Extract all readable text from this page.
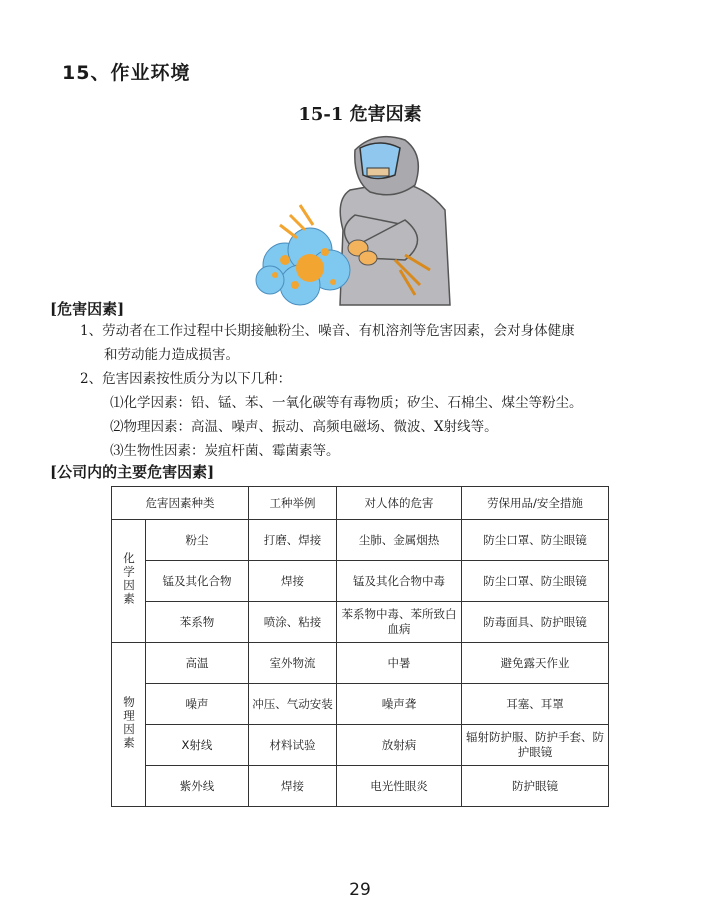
15、作业环境
15-1 危害因素
[危害因素]
1、劳动者在工作过程中长期接触粉尘、噪音、有机溶剂等危害因素，会对身体健康
和劳动能力造成损害。
2、危害因素按性质分为以下几种：
⑴化学因素：铅、锰、苯、一氧化碳等有毒物质；矽尘、石棉尘、煤尘等粉尘。
⑵物理因素：高温、噪声、振动、高频电磁场、微波、X射线等。
⑶生物性因素：炭疽杆菌、霉菌素等。
[公司内的主要危害因素]
危害因素种类		工种举例	对人体的危害	劳保用品/安全措施
化学因素	粉尘	打磨、焊接	尘肺、金属烟热	防尘口罩、防尘眼镜
	锰及其化合物	焊接	锰及其化合物中毒	防尘口罩、防尘眼镜
	苯系物	喷涂、粘接	苯系物中毒、苯所致白血病	防毒面具、防护眼镜
物理因素	高温	室外物流	中暑	避免露天作业
	噪声	冲压、气动安装	噪声聋	耳塞、耳罩
	X射线	材料试验	放射病	辐射防护服、防护手套、防护眼镜
	紫外线	焊接	电光性眼炎	防护眼镜
29
